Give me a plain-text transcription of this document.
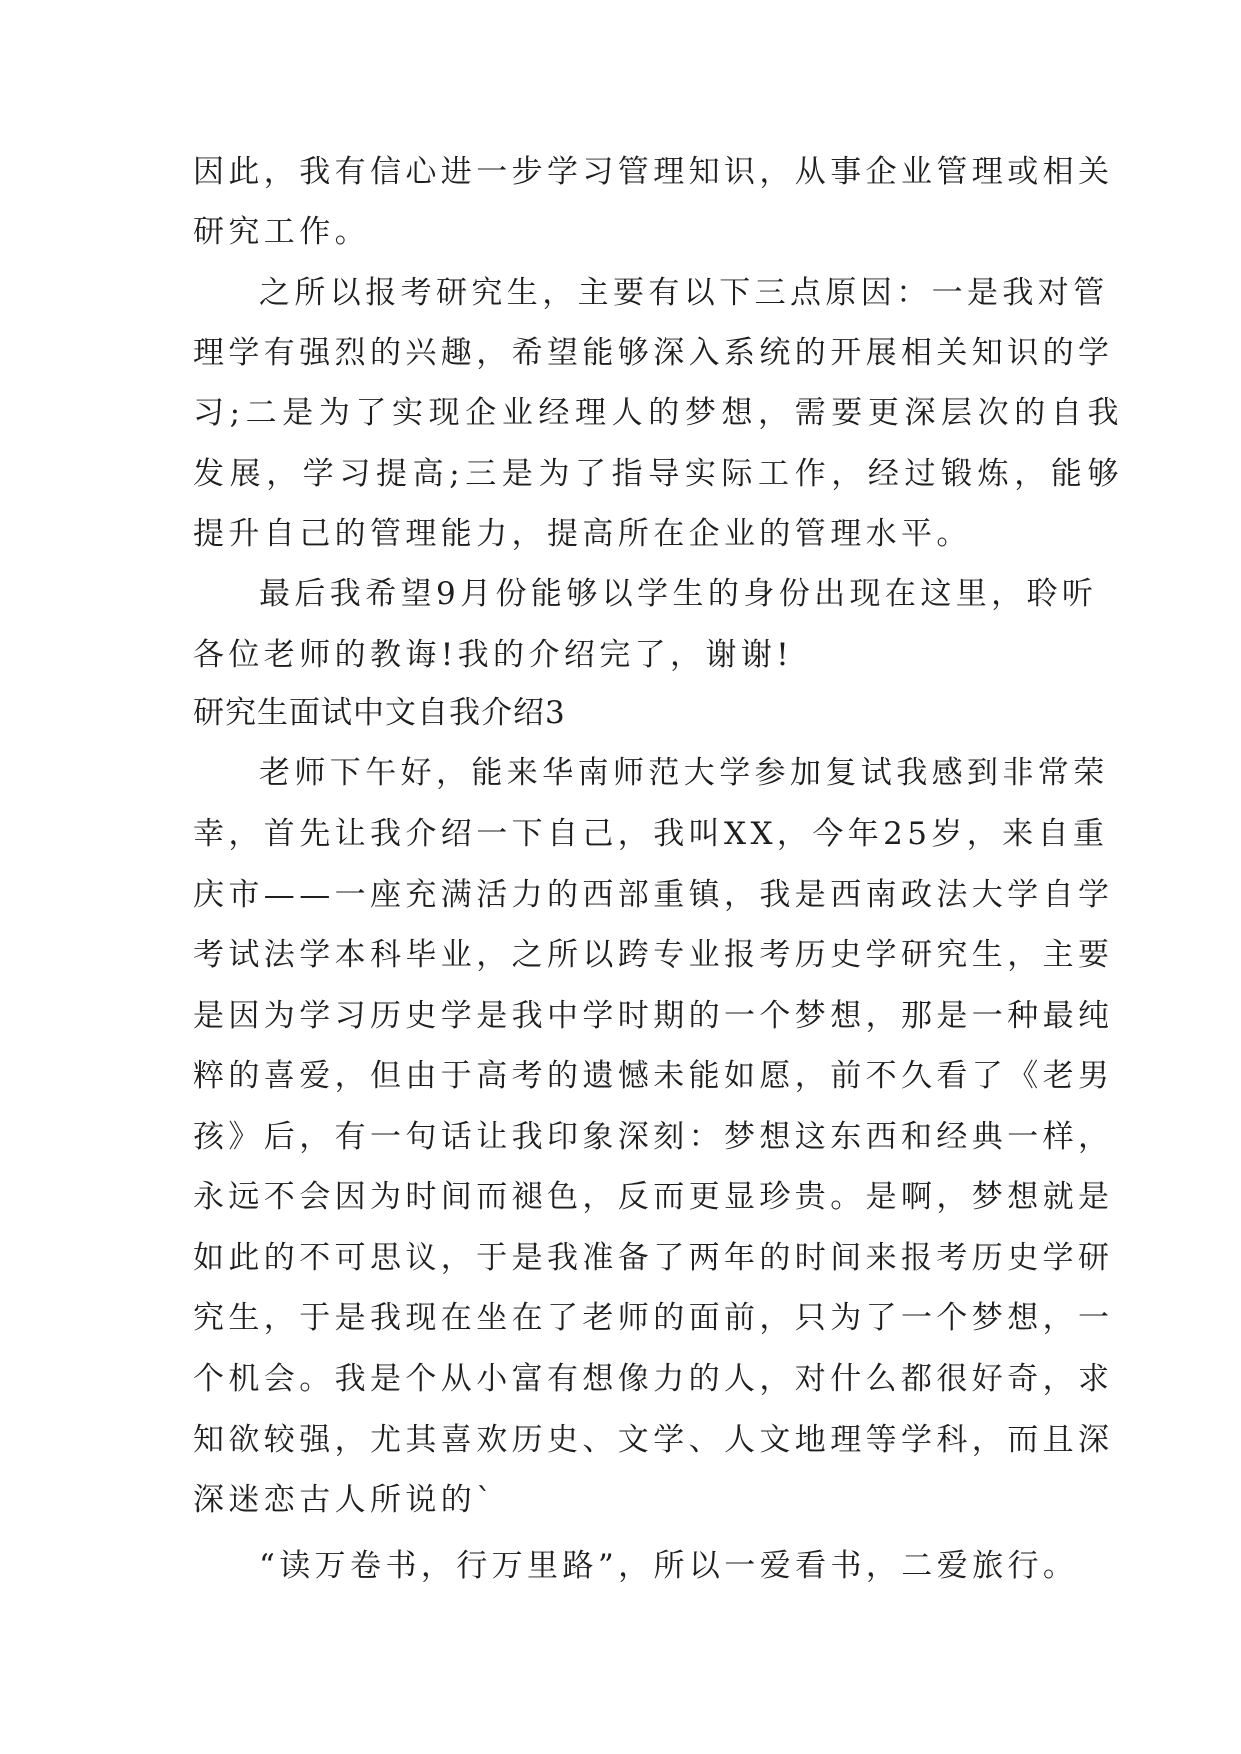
因此，我有信心进一步学习管理知识，从事企业管理或相关

研究工作。

之所以报考研究生，主要有以下三点原因：一是我对管

理学有强烈的兴趣，希望能够深入系统的开展相关知识的学

习;二是为了实现企业经理人的梦想，需要更深层次的自我

发展，学习提高;三是为了指导实际工作，经过锻炼，能够

提升自己的管理能力，提高所在企业的管理水平。

最后我希望9月份能够以学生的身份出现在这里，聆听

各位老师的教诲!我的介绍完了，谢谢!

研究生面试中文自我介绍3

老师下午好，能来华南师范大学参加复试我感到非常荣

幸，首先让我介绍一下自己，我叫XX，今年25岁，来自重

庆市——一座充满活力的西部重镇，我是西南政法大学自学

考试法学本科毕业，之所以跨专业报考历史学研究生，主要

是因为学习历史学是我中学时期的一个梦想，那是一种最纯

粹的喜爱，但由于高考的遗憾未能如愿，前不久看了《老男

孩》后，有一句话让我印象深刻：梦想这东西和经典一样，

永远不会因为时间而褪色，反而更显珍贵。是啊，梦想就是

如此的不可思议，于是我准备了两年的时间来报考历史学研

究生，于是我现在坐在了老师的面前，只为了一个梦想，一

个机会。我是个从小富有想像力的人，对什么都很好奇，求

知欲较强，尤其喜欢历史、文学、人文地理等学科，而且深

深迷恋古人所说的`

“读万卷书，行万里路”，所以一爱看书，二爱旅行。
